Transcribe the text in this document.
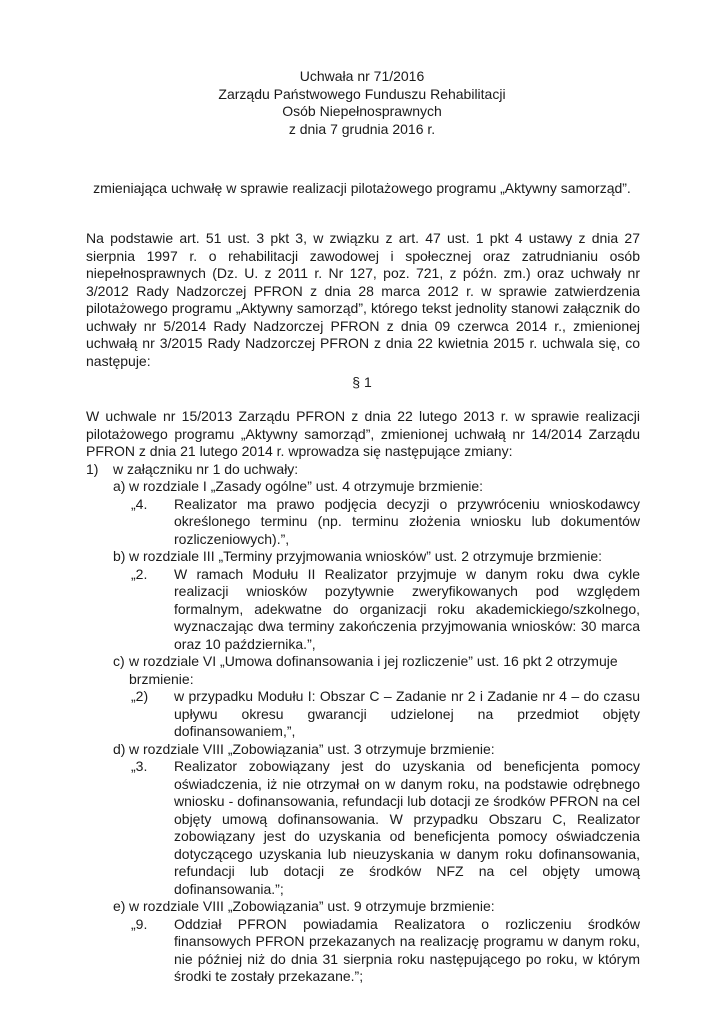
Uchwała nr 71/2016
Zarządu Państwowego Funduszu Rehabilitacji
Osób Niepełnosprawnych
z dnia 7 grudnia 2016 r.
zmieniająca uchwałę w sprawie realizacji pilotażowego programu „Aktywny samorząd”.

Na podstawie art. 51 ust. 3 pkt 3, w związku z art. 47 ust. 1 pkt 4 ustawy z dnia 27 sierpnia 1997 r. o rehabilitacji zawodowej i społecznej oraz zatrudnianiu osób niepełnosprawnych (Dz. U. z 2011 r. Nr 127, poz. 721, z późn. zm.) oraz uchwały nr 3/2012 Rady Nadzorczej PFRON z dnia 28 marca 2012 r. w sprawie zatwierdzenia pilotażowego programu „Aktywny samorząd”, którego tekst jednolity stanowi załącznik do uchwały nr 5/2014 Rady Nadzorczej PFRON z dnia 09 czerwca 2014 r., zmienionej uchwałą nr 3/2015 Rady Nadzorczej PFRON z dnia 22 kwietnia 2015 r. uchwala się, co następuje:

§ 1

W uchwale nr 15/2013 Zarządu PFRON z dnia 22 lutego 2013 r. w sprawie realizacji pilotażowego programu „Aktywny samorząd”, zmienionej uchwałą nr 14/2014 Zarządu PFRON z dnia 21 lutego 2014 r. wprowadza się następujące zmiany:

1) w załączniku nr 1 do uchwały:
a) w rozdziale I „Zasady ogólne” ust. 4 otrzymuje brzmienie:
„4. Realizator ma prawo podjęcia decyzji o przywróceniu wnioskodawcy określonego terminu (np. terminu złożenia wniosku lub dokumentów rozliczeniowych).”,
b) w rozdziale III „Terminy przyjmowania wniosków” ust. 2 otrzymuje brzmienie:
„2. W ramach Modułu II Realizator przyjmuje w danym roku dwa cykle realizacji wniosków pozytywnie zweryfikowanych pod względem formalnym, adekwatne do organizacji roku akademickiego/szkolnego, wyznaczając dwa terminy zakończenia przyjmowania wniosków: 30 marca oraz 10 października.”,
c) w rozdziale VI „Umowa dofinansowania i jej rozliczenie” ust. 16 pkt 2 otrzymuje brzmienie:
„2) w przypadku Modułu I: Obszar C – Zadanie nr 2 i Zadanie nr 4 – do czasu upływu okresu gwarancji udzielonej na przedmiot objęty dofinansowaniem,”,
d) w rozdziale VIII „Zobowiązania” ust. 3 otrzymuje brzmienie:
„3. Realizator zobowiązany jest do uzyskania od beneficjenta pomocy oświadczenia, iż nie otrzymał on w danym roku, na podstawie odrębnego wniosku - dofinansowania, refundacji lub dotacji ze środków PFRON na cel objęty umową dofinansowania. W przypadku Obszaru C, Realizator zobowiązany jest do uzyskania od beneficjenta pomocy oświadczenia dotyczącego uzyskania lub nieuzyskania w danym roku dofinansowania, refundacji lub dotacji ze środków NFZ na cel objęty umową dofinansowania.”;
e) w rozdziale VIII „Zobowiązania” ust. 9 otrzymuje brzmienie:
„9. Oddział PFRON powiadamia Realizatora o rozliczeniu środków finansowych PFRON przekazanych na realizację programu w danym roku, nie później niż do dnia 31 sierpnia roku następującego po roku, w którym środki te zostały przekazane.”;
